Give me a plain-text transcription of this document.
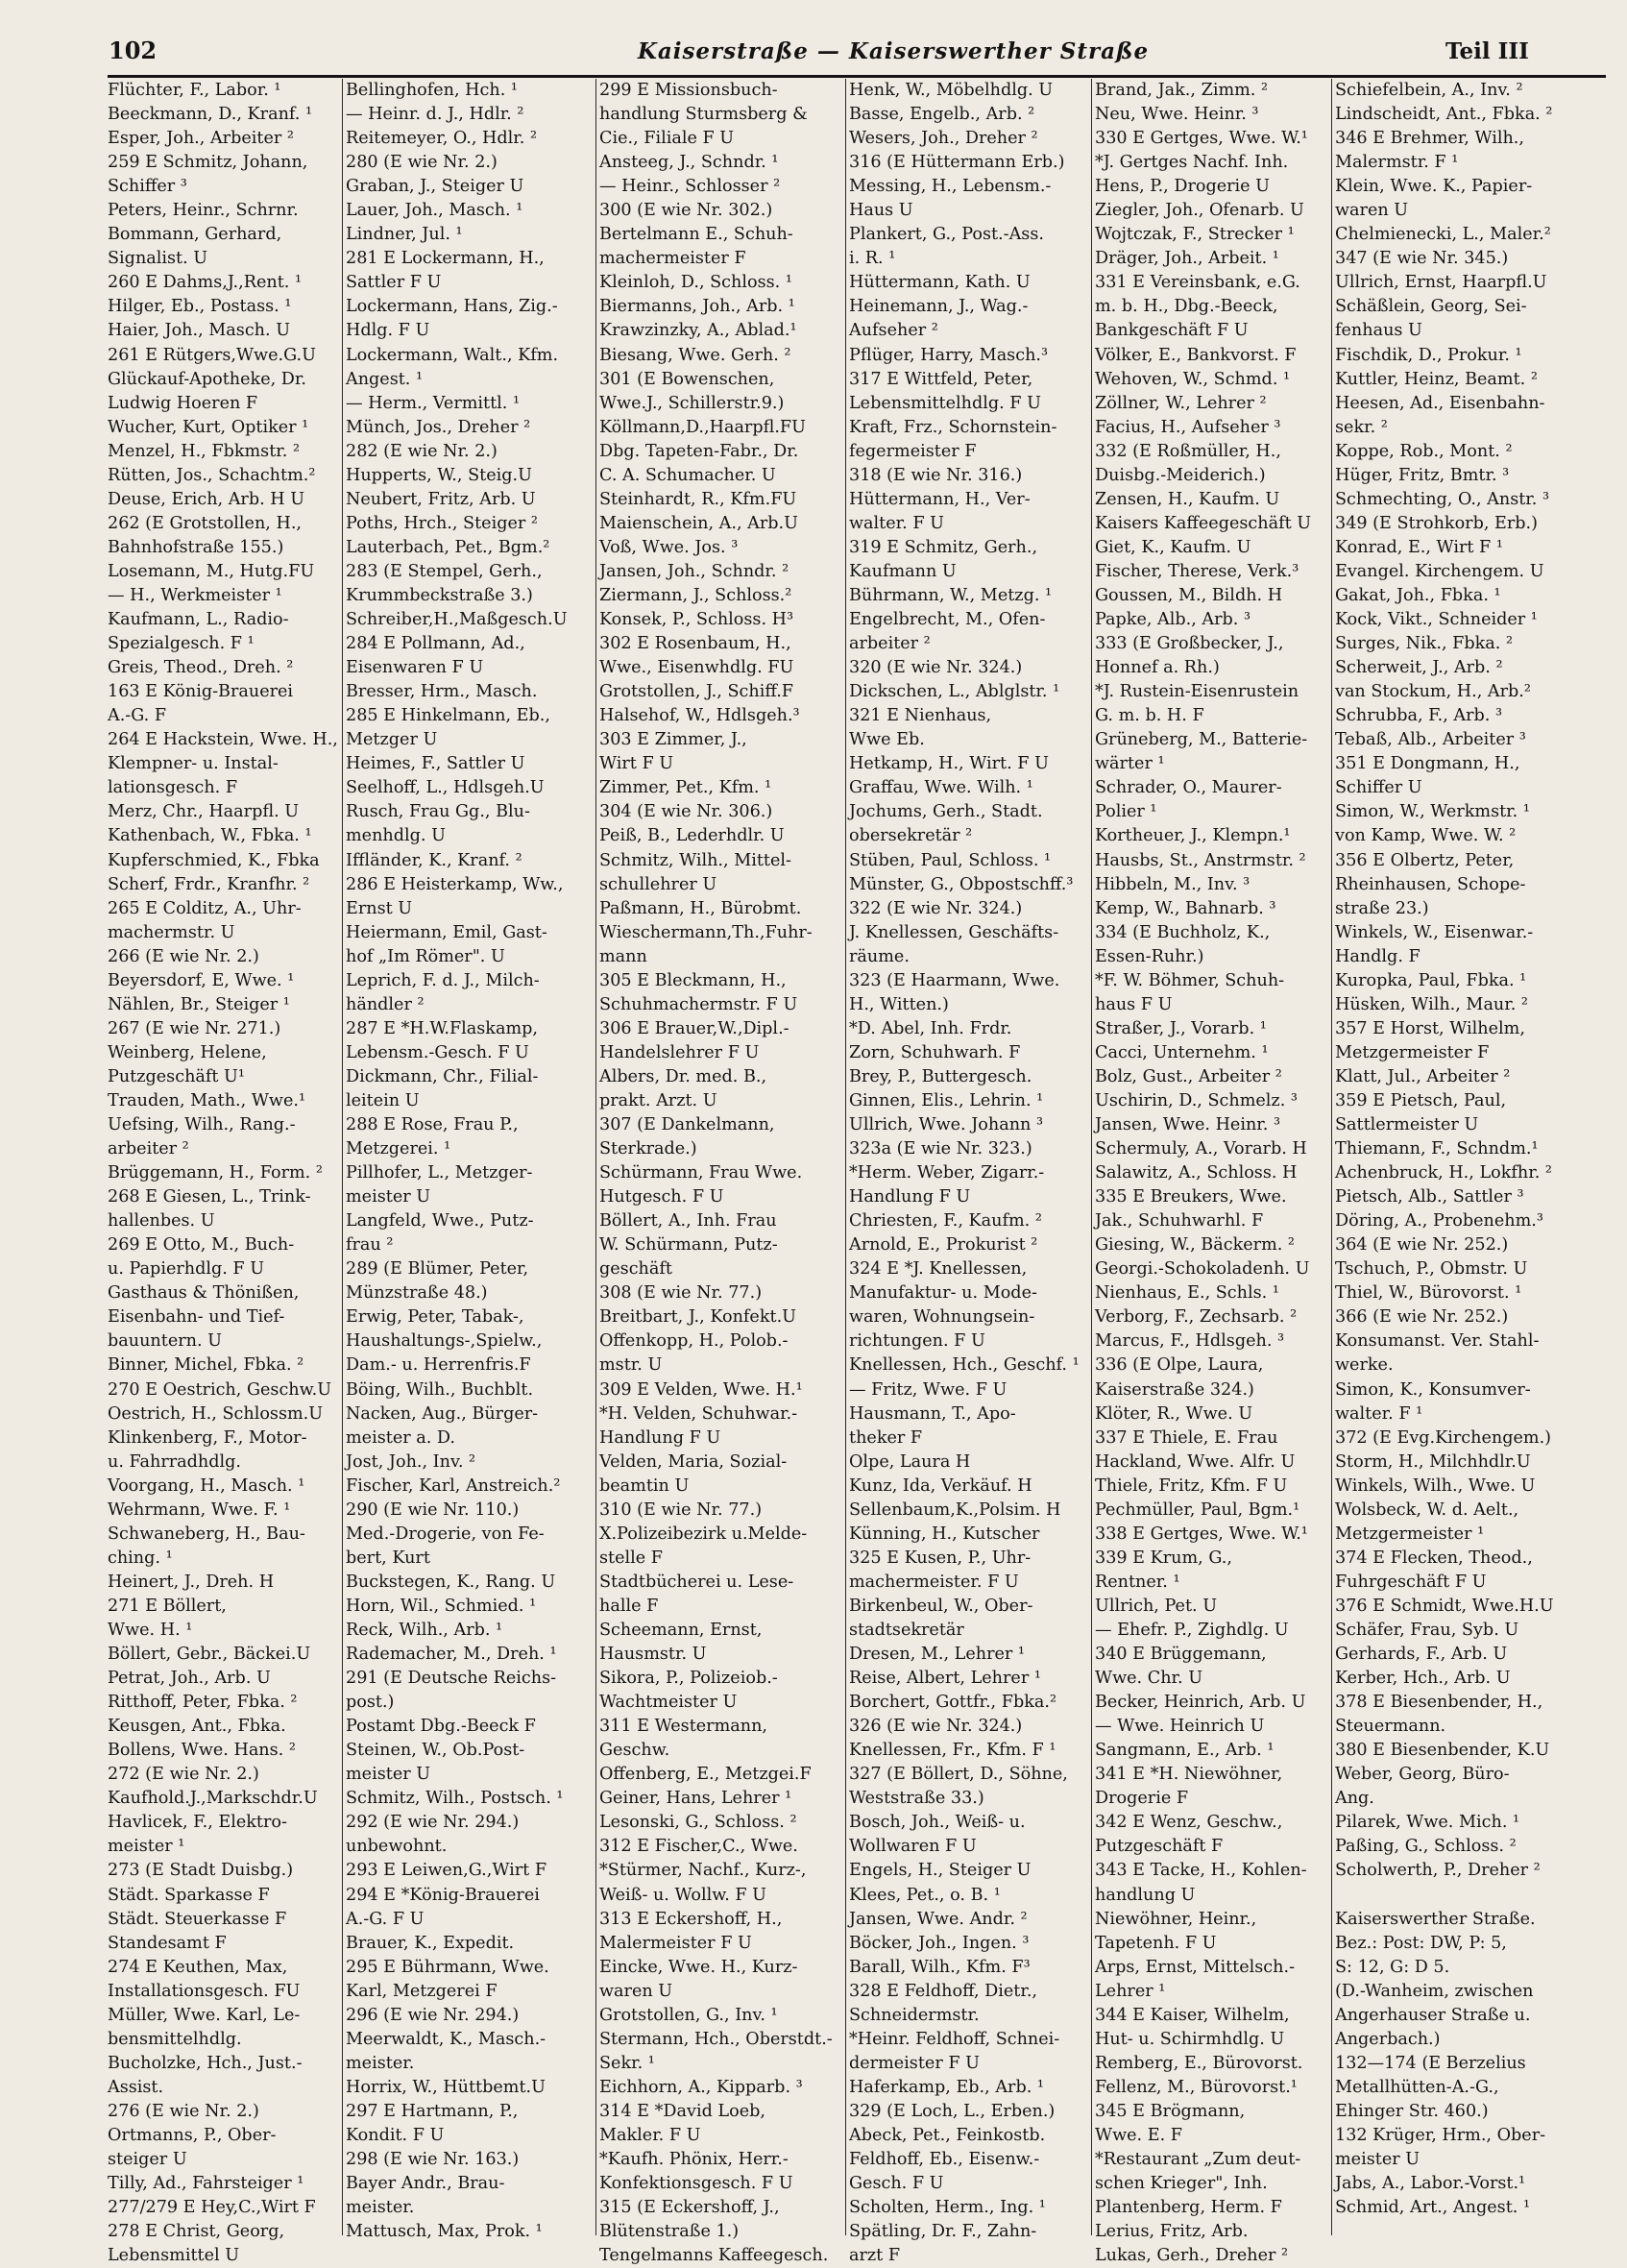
102	Kaiserstraße — Kaiserswerther Straße	Teil III
Flüchter, F., Labor. ¹
Beeckmann, D., Kranf. ¹
Esper, Joh., Arbeiter ²
259 E Schmitz, Johann,
Schiffer ³
Peters, Heinr., Schrnr.
Bommann, Gerhard,
Signalist. U
260 E Dahms,J.,Rent. ¹
Hilger, Eb., Postass. ¹
Haier, Joh., Masch. U
261 E Rütgers,Wwe.G.U
Glückauf-Apotheke, Dr.
Ludwig Hoeren F
Wucher, Kurt, Optiker ¹
Menzel, H., Fbkmstr. ²
Rütten, Jos., Schachtm.²
Deuse, Erich, Arb. H U
262 (E Grotstollen, H.,
Bahnhofstraße 155.)
Losemann, M., Hutg.FU
— H., Werkmeister ¹
Kaufmann, L., Radio-
Spezialgesch. F ¹
Greis, Theod., Dreh. ²
163 E König-Brauerei
A.-G. F
264 E Hackstein, Wwe. H.,
Klempner- u. Instal-
lationsgesch. F
Merz, Chr., Haarpfl. U
Kathenbach, W., Fbka. ¹
Kupferschmied, K., Fbka
Scherf, Frdr., Kranfhr. ²
265 E Colditz, A., Uhr-
machermstr. U
266 (E wie Nr. 2.)
Beyersdorf, E, Wwe. ¹
Nählen, Br., Steiger ¹
267 (E wie Nr. 271.)
Weinberg, Helene,
Putzgeschäft U¹
Trauden, Math., Wwe.¹
Uefsing, Wilh., Rang.-
arbeiter ²
Brüggemann, H., Form. ²
268 E Giesen, L., Trink-
hallenbes. U
269 E Otto, M., Buch-
u. Papierhdlg. F U
Gasthaus & Thönißen,
Eisenbahn- und Tief-
bauuntern. U
Binner, Michel, Fbka. ²
270 E Oestrich, Geschw.U
Oestrich, H., Schlossm.U
Klinkenberg, F., Motor-
u. Fahrradhdlg.
Voorgang, H., Masch. ¹
Wehrmann, Wwe. F. ¹
Schwaneberg, H., Bau-
ching. ¹
Heinert, J., Dreh. H
271 E Böllert,
Wwe. H. ¹
Böllert, Gebr., Bäckei.U
Petrat, Joh., Arb. U
Ritthoff, Peter, Fbka. ²
Keusgen, Ant., Fbka.
Bollens, Wwe. Hans. ²
272 (E wie Nr. 2.)
Kaufhold.J.,Markschdr.U
Havlicek, F., Elektro-
meister ¹
273 (E Stadt Duisbg.)
Städt. Sparkasse F
Städt. Steuerkasse F
Standesamt F
274 E Keuthen, Max,
Installationsgesch. FU
Müller, Wwe. Karl, Le-
bensmittelhdlg.
Bucholzke, Hch., Just.-
Assist.
276 (E wie Nr. 2.)
Ortmanns, P., Ober-
steiger U
Tilly, Ad., Fahrsteiger ¹
277/279 E Hey,C.,Wirt F
278 E Christ, Georg,
Lebensmittel U
Bellinghofen, Hch. ¹
— Heinr. d. J., Hdlr. ²
Reitemeyer, O., Hdlr. ²
280 (E wie Nr. 2.)
Graban, J., Steiger U
Lauer, Joh., Masch. ¹
Lindner, Jul. ¹
281 E Lockermann, H.,
Sattler F U
Lockermann, Hans, Zig.-
Hdlg. F U
Lockermann, Walt., Kfm.
Angest. ¹
— Herm., Vermittl. ¹
Münch, Jos., Dreher ²
282 (E wie Nr. 2.)
Hupperts, W., Steig.U
Neubert, Fritz, Arb. U
Poths, Hrch., Steiger ²
Lauterbach, Pet., Bgm.²
283 (E Stempel, Gerh.,
Krummbeckstraße 3.)
Schreiber,H.,Maßgesch.U
284 E Pollmann, Ad.,
Eisenwaren F U
Bresser, Hrm., Masch.
285 E Hinkelmann, Eb.,
Metzger U
Heimes, F., Sattler U
Seelhoff, L., Hdlsgeh.U
Rusch, Frau Gg., Blu-
menhdlg. U
Iffländer, K., Kranf. ²
286 E Heisterkamp, Ww.,
Ernst U
Heiermann, Emil, Gast-
hof „Im Römer". U
Leprich, F. d. J., Milch-
händler ²
287 E *H.W.Flaskamp,
Lebensm.-Gesch. F U
Dickmann, Chr., Filial-
leitein U
288 E Rose, Frau P.,
Metzgerei. ¹
Pillhofer, L., Metzger-
meister U
Langfeld, Wwe., Putz-
frau ²
289 (E Blümer, Peter,
Münzstraße 48.)
Erwig, Peter, Tabak-,
Haushaltungs-,Spielw.,
Dam.- u. Herrenfris.F
Böing, Wilh., Buchblt.
Nacken, Aug., Bürger-
meister a. D.
Jost, Joh., Inv. ²
Fischer, Karl, Anstreich.²
290 (E wie Nr. 110.)
Med.-Drogerie, von Fe-
bert, Kurt
Buckstegen, K., Rang. U
Horn, Wil., Schmied. ¹
Reck, Wilh., Arb. ¹
Rademacher, M., Dreh. ¹
291 (E Deutsche Reichs-
post.)
Postamt Dbg.-Beeck F
Steinen, W., Ob.Post-
meister U
Schmitz, Wilh., Postsch. ¹
292 (E wie Nr. 294.)
unbewohnt.
293 E Leiwen,G.,Wirt F
294 E *König-Brauerei
A.-G. F U
Brauer, K., Expedit.
295 E Bührmann, Wwe.
Karl, Metzgerei F
296 (E wie Nr. 294.)
Meerwaldt, K., Masch.-
meister.
Horrix, W., Hüttbemt.U
297 E Hartmann, P.,
Kondit. F U
298 (E wie Nr. 163.)
Bayer Andr., Brau-
meister.
Mattusch, Max, Prok. ¹
299 E Missionsbuch-
handlung Sturmsberg &
Cie., Filiale F U
Ansteeg, J., Schndr. ¹
— Heinr., Schlosser ²
300 (E wie Nr. 302.)
Bertelmann E., Schuh-
machermeister F
Kleinloh, D., Schloss. ¹
Biermanns, Joh., Arb. ¹
Krawzinzky, A., Ablad.¹
Biesang, Wwe. Gerh. ²
301 (E Bowenschen,
Wwe.J., Schillerstr.9.)
Köllmann,D.,Haarpfl.FU
Dbg. Tapeten-Fabr., Dr.
C. A. Schumacher. U
Steinhardt, R., Kfm.FU
Maienschein, A., Arb.U
Voß, Wwe. Jos. ³
Jansen, Joh., Schndr. ²
Ziermann, J., Schloss.²
Konsek, P., Schloss. H³
302 E Rosenbaum, H.,
Wwe., Eisenwhdlg. FU
Grotstollen, J., Schiff.F
Halsehof, W., Hdlsgeh.³
303 E Zimmer, J.,
Wirt F U
Zimmer, Pet., Kfm. ¹
304 (E wie Nr. 306.)
Peiß, B., Lederhdlr. U
Schmitz, Wilh., Mittel-
schullehrer U
Paßmann, H., Bürobmt.
Wieschermann,Th.,Fuhr-
mann
305 E Bleckmann, H.,
Schuhmachermstr. F U
306 E Brauer,W.,Dipl.-
Handelslehrer F U
Albers, Dr. med. B.,
prakt. Arzt. U
307 (E Dankelmann,
Sterkrade.)
Schürmann, Frau Wwe.
Hutgesch. F U
Böllert, A., Inh. Frau
W. Schürmann, Putz-
geschäft
308 (E wie Nr. 77.)
Breitbart, J., Konfekt.U
Offenkopp, H., Polob.-
mstr. U
309 E Velden, Wwe. H.¹
*H. Velden, Schuhwar.-
Handlung F U
Velden, Maria, Sozial-
beamtin U
310 (E wie Nr. 77.)
X.Polizeibezirk u.Melde-
stelle F
Stadtbücherei u. Lese-
halle F
Scheemann, Ernst,
Hausmstr. U
Sikora, P., Polizeiob.-
Wachtmeister U
311 E Westermann,
Geschw.
Offenberg, E., Metzgei.F
Geiner, Hans, Lehrer ¹
Lesonski, G., Schloss. ²
312 E Fischer,C., Wwe.
*Stürmer, Nachf., Kurz-,
Weiß- u. Wollw. F U
313 E Eckershoff, H.,
Malermeister F U
Eincke, Wwe. H., Kurz-
waren U
Grotstollen, G., Inv. ¹
Stermann, Hch., Oberstdt.-
Sekr. ¹
Eichhorn, A., Kipparb. ³
314 E *David Loeb,
Makler. F U
*Kaufh. Phönix, Herr.-
Konfektionsgesch. F U
315 (E Eckershoff, J.,
Blütenstraße 1.)
Tengelmanns Kaffeegesch.
Henk, W., Möbelhdlg. U
Basse, Engelb., Arb. ²
Wesers, Joh., Dreher ²
316 (E Hüttermann Erb.)
Messing, H., Lebensm.-
Haus U
Plankert, G., Post.-Ass.
i. R. ¹
Hüttermann, Kath. U
Heinemann, J., Wag.-
Aufseher ²
Pflüger, Harry, Masch.³
317 E Wittfeld, Peter,
Lebensmittelhdlg. F U
Kraft, Frz., Schornstein-
fegermeister F
318 (E wie Nr. 316.)
Hüttermann, H., Ver-
walter. F U
319 E Schmitz, Gerh.,
Kaufmann U
Bührmann, W., Metzg. ¹
Engelbrecht, M., Ofen-
arbeiter ²
320 (E wie Nr. 324.)
Dickschen, L., Ablglstr. ¹
321 E Nienhaus,
Wwe Eb.
Hetkamp, H., Wirt. F U
Graffau, Wwe. Wilh. ¹
Jochums, Gerh., Stadt.
obersekretär ²
Stüben, Paul, Schloss. ¹
Münster, G., Obpostschff.³
322 (E wie Nr. 324.)
J. Knellessen, Geschäfts-
räume.
323 (E Haarmann, Wwe.
H., Witten.)
*D. Abel, Inh. Frdr.
Zorn, Schuhwarh. F
Brey, P., Buttergesch.
Ginnen, Elis., Lehrin. ¹
Ullrich, Wwe. Johann ³
323a (E wie Nr. 323.)
*Herm. Weber, Zigarr.-
Handlung F U
Chriesten, F., Kaufm. ²
Arnold, E., Prokurist ²
324 E *J. Knellessen,
Manufaktur- u. Mode-
waren, Wohnungsein-
richtungen. F U
Knellessen, Hch., Geschf. ¹
— Fritz, Wwe. F U
Hausmann, T., Apo-
theker F
Olpe, Laura H
Kunz, Ida, Verkäuf. H
Sellenbaum,K.,Polsim. H
Künning, H., Kutscher
325 E Kusen, P., Uhr-
machermeister. F U
Birkenbeul, W., Ober-
stadtsekretär
Dresen, M., Lehrer ¹
Reise, Albert, Lehrer ¹
Borchert, Gottfr., Fbka.²
326 (E wie Nr. 324.)
Knellessen, Fr., Kfm. F ¹
327 (E Böllert, D., Söhne,
Weststraße 33.)
Bosch, Joh., Weiß- u.
Wollwaren F U
Engels, H., Steiger U
Klees, Pet., o. B. ¹
Jansen, Wwe. Andr. ²
Böcker, Joh., Ingen. ³
Barall, Wilh., Kfm. F³
328 E Feldhoff, Dietr.,
Schneidermstr.
*Heinr. Feldhoff, Schnei-
dermeister F U
Haferkamp, Eb., Arb. ¹
329 (E Loch, L., Erben.)
Abeck, Pet., Feinkostb.
Feldhoff, Eb., Eisenw.-
Gesch. F U
Scholten, Herm., Ing. ¹
Spätling, Dr. F., Zahn-
arzt F
Brand, Jak., Zimm. ²
Neu, Wwe. Heinr. ³
330 E Gertges, Wwe. W.¹
*J. Gertges Nachf. Inh.
Hens, P., Drogerie U
Ziegler, Joh., Ofenarb. U
Wojtczak, F., Strecker ¹
Dräger, Joh., Arbeit. ¹
331 E Vereinsbank, e.G.
m. b. H., Dbg.-Beeck,
Bankgeschäft F U
Völker, E., Bankvorst. F
Wehoven, W., Schmd. ¹
Zöllner, W., Lehrer ²
Facius, H., Aufseher ³
332 (E Roßmüller, H.,
Duisbg.-Meiderich.)
Zensen, H., Kaufm. U
Kaisers Kaffeegeschäft U
Giet, K., Kaufm. U
Fischer, Therese, Verk.³
Goussen, M., Bildh. H
Papke, Alb., Arb. ³
333 (E Großbecker, J.,
Honnef a. Rh.)
*J. Rustein-Eisenrustein
G. m. b. H. F
Grüneberg, M., Batterie-
wärter ¹
Schrader, O., Maurer-
Polier ¹
Kortheuer, J., Klempn.¹
Hausbs, St., Anstrmstr. ²
Hibbeln, M., Inv. ³
Kemp, W., Bahnarb. ³
334 (E Buchholz, K.,
Essen-Ruhr.)
*F. W. Böhmer, Schuh-
haus F U
Straßer, J., Vorarb. ¹
Cacci, Unternehm. ¹
Bolz, Gust., Arbeiter ²
Uschirin, D., Schmelz. ³
Jansen, Wwe. Heinr. ³
Schermuly, A., Vorarb. H
Salawitz, A., Schloss. H
335 E Breukers, Wwe.
Jak., Schuhwarhl. F
Giesing, W., Bäckerm. ²
Georgi.-Schokoladenh. U
Nienhaus, E., Schls. ¹
Verborg, F., Zechsarb. ²
Marcus, F., Hdlsgeh. ³
336 (E Olpe, Laura,
Kaiserstraße 324.)
Klöter, R., Wwe. U
337 E Thiele, E. Frau
Hackland, Wwe. Alfr. U
Thiele, Fritz, Kfm. F U
Pechmüller, Paul, Bgm.¹
338 E Gertges, Wwe. W.¹
339 E Krum, G.,
Rentner. ¹
Ullrich, Pet. U
— Ehefr. P., Zighdlg. U
340 E Brüggemann,
Wwe. Chr. U
Becker, Heinrich, Arb. U
— Wwe. Heinrich U
Sangmann, E., Arb. ¹
341 E *H. Niewöhner,
Drogerie F
342 E Wenz, Geschw.,
Putzgeschäft F
343 E Tacke, H., Kohlen-
handlung U
Niewöhner, Heinr.,
Tapetenh. F U
Arps, Ernst, Mittelsch.-
Lehrer ¹
344 E Kaiser, Wilhelm,
Hut- u. Schirmhdlg. U
Remberg, E., Bürovorst.
Fellenz, M., Bürovorst.¹
345 E Brögmann,
Wwe. E. F
*Restaurant „Zum deut-
schen Krieger", Inh.
Plantenberg, Herm. F
Lerius, Fritz, Arb.
Lukas, Gerh., Dreher ²
Schiefelbein, A., Inv. ²
Lindscheidt, Ant., Fbka. ²
346 E Brehmer, Wilh.,
Malermstr. F ¹
Klein, Wwe. K., Papier-
waren U
Chelmienecki, L., Maler.²
347 (E wie Nr. 345.)
Ullrich, Ernst, Haarpfl.U
Schäßlein, Georg, Sei-
fenhaus U
Fischdik, D., Prokur. ¹
Kuttler, Heinz, Beamt. ²
Heesen, Ad., Eisenbahn-
sekr. ²
Koppe, Rob., Mont. ²
Hüger, Fritz, Bmtr. ³
Schmechting, O., Anstr. ³
349 (E Strohkorb, Erb.)
Konrad, E., Wirt F ¹
Evangel. Kirchengem. U
Gakat, Joh., Fbka. ¹
Kock, Vikt., Schneider ¹
Surges, Nik., Fbka. ²
Scherweit, J., Arb. ²
van Stockum, H., Arb.²
Schrubba, F., Arb. ³
Tebaß, Alb., Arbeiter ³
351 E Dongmann, H.,
Schiffer U
Simon, W., Werkmstr. ¹
von Kamp, Wwe. W. ²
356 E Olbertz, Peter,
Rheinhausen, Schope-
straße 23.)
Winkels, W., Eisenwar.-
Handlg. F
Kuropka, Paul, Fbka. ¹
Hüsken, Wilh., Maur. ²
357 E Horst, Wilhelm,
Metzgermeister F
Klatt, Jul., Arbeiter ²
359 E Pietsch, Paul,
Sattlermeister U
Thiemann, F., Schndm.¹
Achenbruck, H., Lokfhr. ²
Pietsch, Alb., Sattler ³
Döring, A., Probenehm.³
364 (E wie Nr. 252.)
Tschuch, P., Obmstr. U
Thiel, W., Bürovorst. ¹
366 (E wie Nr. 252.)
Konsumanst. Ver. Stahl-
werke.
Simon, K., Konsumver-
walter. F ¹
372 (E Evg.Kirchengem.)
Storm, H., Milchhdlr.U
Winkels, Wilh., Wwe. U
Wolsbeck, W. d. Aelt.,
Metzgermeister ¹
374 E Flecken, Theod.,
Fuhrgeschäft F U
376 E Schmidt, Wwe.H.U
Schäfer, Frau, Syb. U
Gerhards, F., Arb. U
Kerber, Hch., Arb. U
378 E Biesenbender, H.,
Steuermann.
380 E Biesenbender, K.U
Weber, Georg, Büro-
Ang.
Pilarek, Wwe. Mich. ¹
Paßing, G., Schloss. ²
Scholwerth, P., Dreher ²
Kaiserswerther Straße.
Bez.: Post: DW, P: 5,
S: 12, G: D 5.
(D.-Wanheim, zwischen
Angerhauser Straße u.
Angerbach.)
132—174 (E Berzelius
Metallhütten-A.-G.,
Ehinger Str. 460.)
132 Krüger, Hrm., Ober-
meister U
Jabs, A., Labor.-Vorst.¹
Schmid, Art., Angest. ¹
